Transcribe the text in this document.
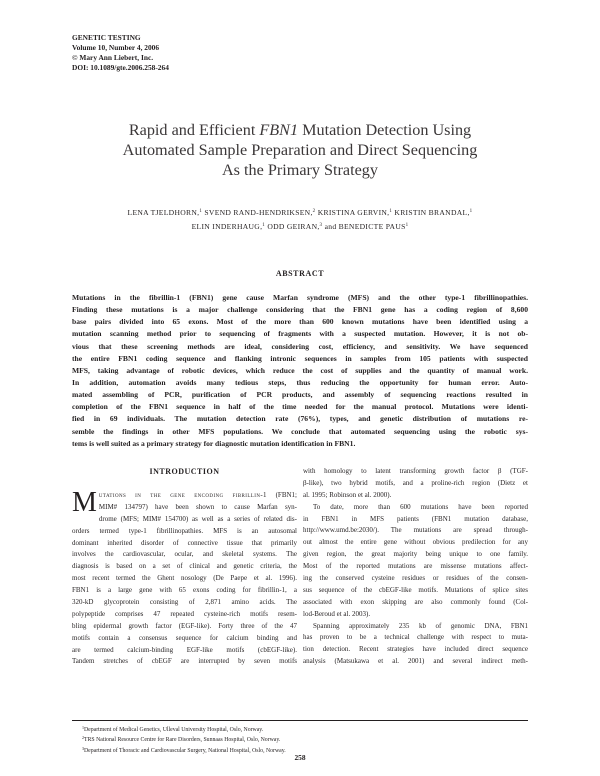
GENETIC TESTING
Volume 10, Number 4, 2006
© Mary Ann Liebert, Inc.
DOI: 10.1089/gte.2006.258-264
Rapid and Efficient FBN1 Mutation Detection Using
Automated Sample Preparation and Direct Sequencing
As the Primary Strategy
LENA TJELDHORN,$^1$ SVEND RAND-HENDRIKSEN,$^2$ KRISTINA GERVIN,$^1$ KRISTIN BRANDAL,$^1$
ELIN INDERHAUG,$^1$ ODD GEIRAN,$^3$ and BENEDICTE PAUS$^1$
ABSTRACT
Mutations in the fibrillin-1 (FBN1) gene cause Marfan syndrome (MFS) and the other type-1 fibrillinopathies.
Finding these mutations is a major challenge considering that the FBN1 gene has a coding region of 8,600
base pairs divided into 65 exons. Most of the more than 600 known mutations have been identified using a
mutation scanning method prior to sequencing of fragments with a suspected mutation. However, it is not ob-
vious that these screening methods are ideal, considering cost, efficiency, and sensitivity. We have sequenced
the entire FBN1 coding sequence and flanking intronic sequences in samples from 105 patients with suspected
MFS, taking advantage of robotic devices, which reduce the cost of supplies and the quantity of manual work.
In addition, automation avoids many tedious steps, thus reducing the opportunity for human error. Auto-
mated assembling of PCR, purification of PCR products, and assembly of sequencing reactions resulted in
completion of the FBN1 sequence in half of the time needed for the manual protocol. Mutations were identi-
fied in 69 individuals. The mutation detection rate (76%), types, and genetic distribution of mutations re-
semble the findings in other MFS populations. We conclude that automated sequencing using the robotic sys-
tems is well suited as a primary strategy for diagnostic mutation identification in FBN1.
INTRODUCTION
M utations in the gene encoding fibrillin-1 (FBN1;
MIM# 134797) have been shown to cause Marfan syn-
drome (MFS; MIM# 154700) as well as a series of related dis-
orders termed type-1 fibrillinopathies. MFS is an autosomal
dominant inherited disorder of connective tissue that primarily
involves the cardiovascular, ocular, and skeletal systems. The
diagnosis is based on a set of clinical and genetic criteria, the
most recent termed the Ghent nosology (De Paepe et al. 1996).
FBN1 is a large gene with 65 exons coding for fibrillin-1, a
320-kD glycoprotein consisting of 2,871 amino acids. The
polypeptide comprises 47 repeated cysteine-rich motifs resem-
bling epidermal growth factor (EGF-like). Forty three of the 47
motifs contain a consensus sequence for calcium binding and
are termed calcium-binding EGF-like motifs (cbEGF-like).
Tandem stretches of cbEGF are interrupted by seven motifs
with homology to latent transforming growth factor β (TGF-
β-like), two hybrid motifs, and a proline-rich region (Dietz et
al. 1995; Robinson et al. 2000).
To date, more than 600 mutations have been reported
in FBN1 in MFS patients (FBN1 mutation database,
http://www.umd.be:2030/). The mutations are spread through-
out almost the entire gene without obvious predilection for any
given region, the great majority being unique to one family.
Most of the reported mutations are missense mutations affect-
ing the conserved cysteine residues or residues of the consen-
sus sequence of the cbEGF-like motifs. Mutations of splice sites
associated with exon skipping are also commonly found (Col-
lod-Beroud et al. 2003).
Spanning approximately 235 kb of genomic DNA, FBN1
has proven to be a technical challenge with respect to muta-
tion detection. Recent strategies have included direct sequence
analysis (Matsukawa et al. 2001) and several indirect meth-
$^1$Department of Medical Genetics, Ulleval University Hospital, Oslo, Norway.
$^2$TRS National Resource Centre for Rare Disorders, Sunnaas Hospital, Oslo, Norway.
$^3$Department of Thoracic and Cardiovascular Surgery, National Hospital, Oslo, Norway.
258
